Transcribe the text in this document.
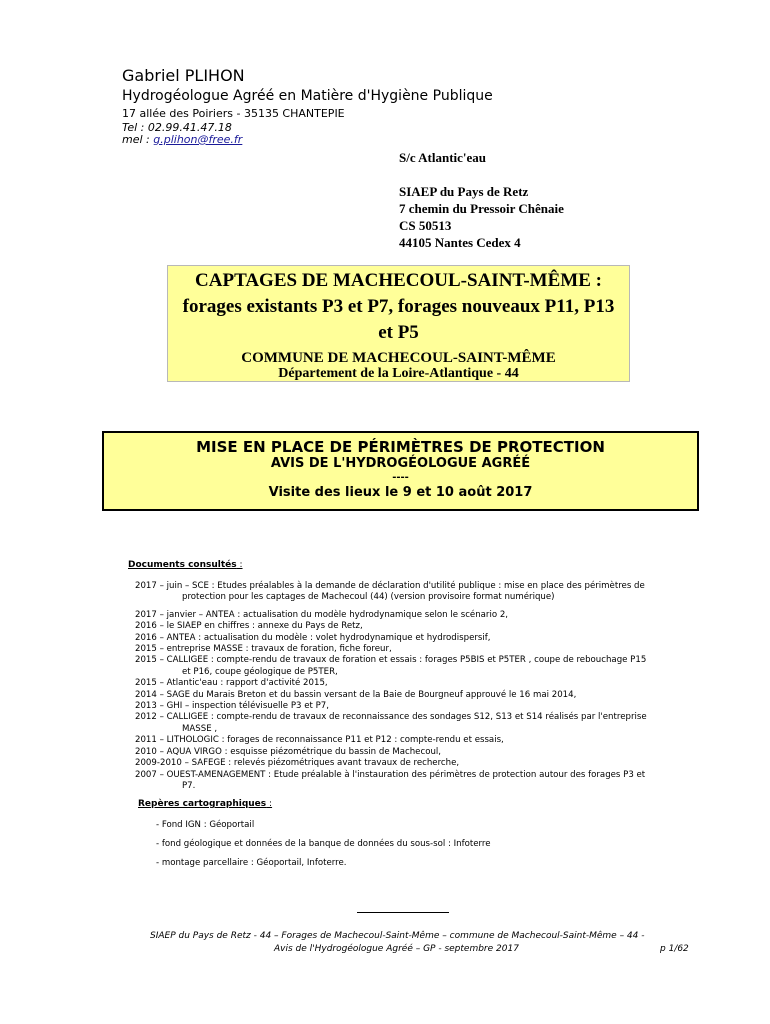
Gabriel PLIHON
Hydrogéologue Agréé en Matière d'Hygiène Publique
17 allée des Poiriers - 35135 CHANTEPIE
Tel : 02.99.41.47.18
mel : g.plihon@free.fr
S/c Atlantic'eau
SIAEP du Pays de Retz
7 chemin du Pressoir Chênaie
CS 50513
44105 Nantes Cedex 4
CAPTAGES DE MACHECOUL-SAINT-MÊME :
forages existants P3 et P7, forages nouveaux P11, P13
et P5
COMMUNE DE MACHECOUL-SAINT-MÊME
Département de la Loire-Atlantique - 44
MISE EN PLACE DE PÉRIMÈTRES DE PROTECTION
AVIS DE L'HYDROGÉOLOGUE AGRÉÉ
----
Visite des lieux le 9 et 10 août 2017
Documents consultés :
2017 – juin – SCE : Etudes préalables à la demande de déclaration d'utilité publique : mise en place des périmètres de
protection pour les captages de Machecoul (44) (version provisoire format numérique)
2017 – janvier – ANTEA : actualisation du modèle hydrodynamique selon le scénario 2,
2016 – le SIAEP en chiffres : annexe du Pays de Retz,
2016 – ANTEA : actualisation du modèle : volet hydrodynamique et hydrodispersif,
2015 – entreprise MASSE : travaux de foration, fiche foreur,
2015 – CALLIGEE : compte-rendu de travaux de foration et essais : forages P5BIS et P5TER , coupe de rebouchage P15
et P16, coupe géologique de P5TER,
2015 – Atlantic'eau : rapport d'activité 2015,
2014 – SAGE du Marais Breton et du bassin versant de la Baie de Bourgneuf approuvé le 16 mai 2014,
2013 – GHI – inspection télévisuelle P3 et P7,
2012 – CALLIGEE : compte-rendu de travaux de reconnaissance des sondages S12, S13 et S14 réalisés par l'entreprise
MASSE ,
2011 – LITHOLOGIC : forages de reconnaissance P11 et P12 : compte-rendu et essais,
2010 – AQUA VIRGO : esquisse piézométrique du bassin de Machecoul,
2009-2010 – SAFEGE : relevés piézométriques avant travaux de recherche,
2007 – OUEST-AMENAGEMENT : Etude préalable à l'instauration des périmètres de protection autour des forages P3 et
P7.
Repères cartographiques :
- Fond IGN : Géoportail
- fond géologique et données de la banque de données du sous-sol : Infoterre
- montage parcellaire : Géoportail, Infoterre.
SIAEP du Pays de Retz - 44 – Forages de Machecoul-Saint-Même – commune de Machecoul-Saint-Même – 44 -
Avis de l'Hydrogéologue Agréé – GP - septembre 2017	p 1/62
